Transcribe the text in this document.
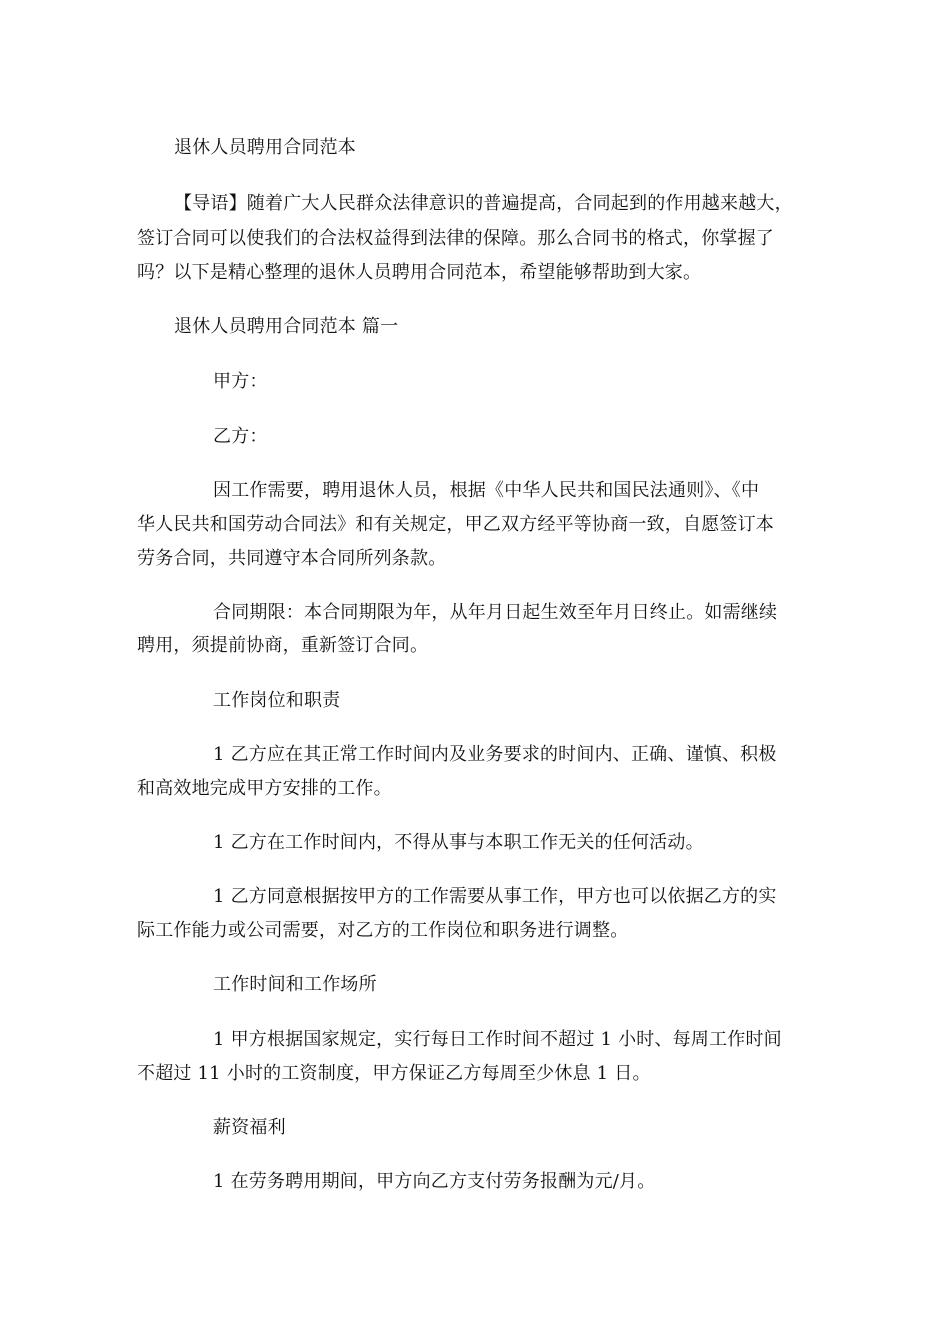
退休人员聘用合同范本
【导语】随着广大人民群众法律意识的普遍提高，合同起到的作用越来越大，
签订合同可以使我们的合法权益得到法律的保障。那么合同书的格式，你掌握了
吗？以下是精心整理的退休人员聘用合同范本，希望能够帮助到大家。
退休人员聘用合同范本 篇一
甲方：
乙方：
因工作需要，聘用退休人员，根据《中华人民共和国民法通则》、《中
华人民共和国劳动合同法》和有关规定，甲乙双方经平等协商一致，自愿签订本
劳务合同，共同遵守本合同所列条款。
合同期限：本合同期限为年，从年月日起生效至年月日终止。如需继续
聘用，须提前协商，重新签订合同。
工作岗位和职责
1 乙方应在其正常工作时间内及业务要求的时间内、正确、谨慎、积极
和高效地完成甲方安排的工作。
1 乙方在工作时间内，不得从事与本职工作无关的任何活动。
1 乙方同意根据按甲方的工作需要从事工作，甲方也可以依据乙方的实
际工作能力或公司需要，对乙方的工作岗位和职务进行调整。
工作时间和工作场所
1 甲方根据国家规定，实行每日工作时间不超过 1 小时、每周工作时间
不超过 11 小时的工资制度，甲方保证乙方每周至少休息 1 日。
薪资福利
1 在劳务聘用期间，甲方向乙方支付劳务报酬为元/月。
